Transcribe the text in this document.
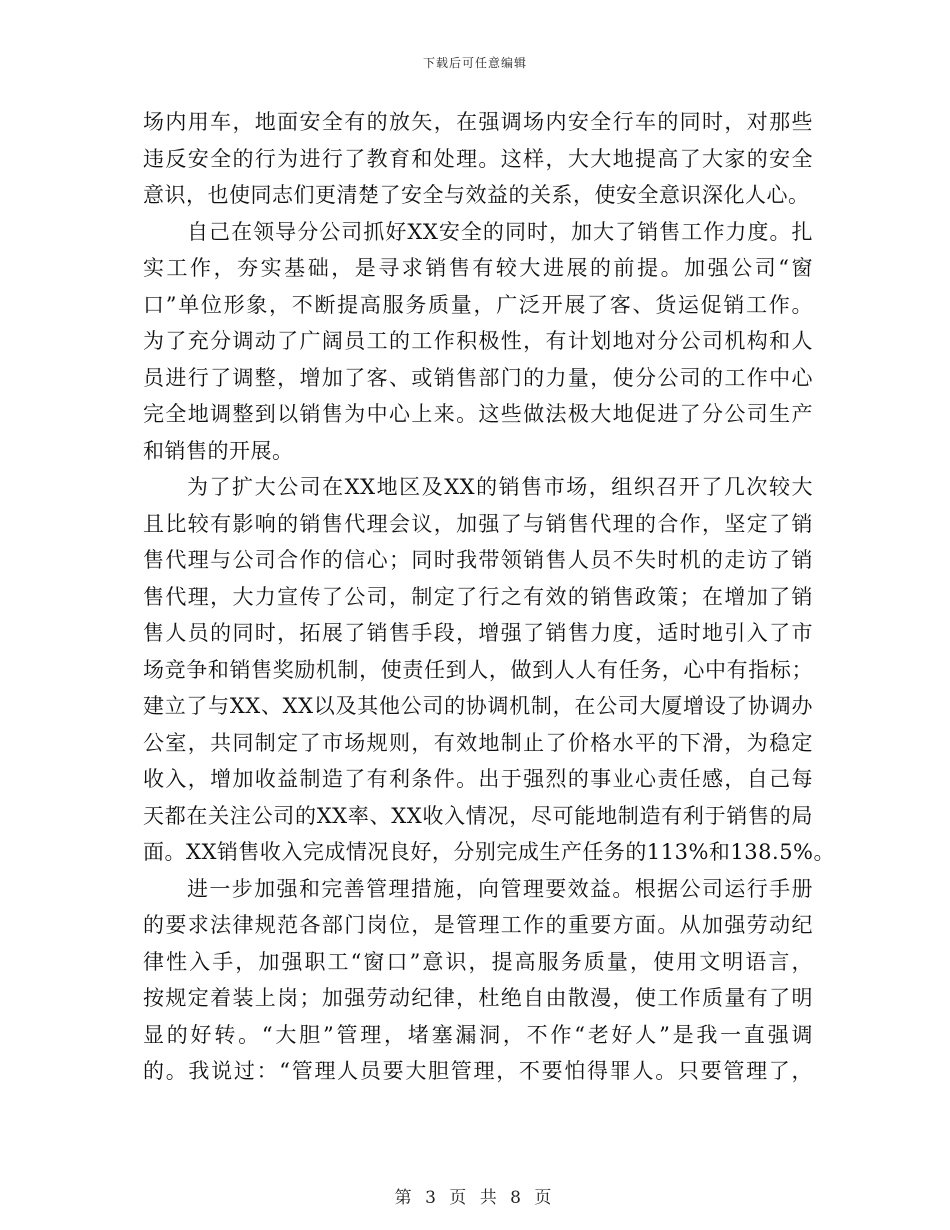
下载后可任意编辑
场内用车，地面安全有的放矢，在强调场内安全行车的同时，对那些
违反安全的行为进行了教育和处理。这样，大大地提高了大家的安全
意识，也使同志们更清楚了安全与效益的关系，使安全意识深化人心。
自己在领导分公司抓好XX安全的同时，加大了销售工作力度。扎
实工作，夯实基础，是寻求销售有较大进展的前提。加强公司“窗
口”单位形象，不断提高服务质量，广泛开展了客、货运促销工作。
为了充分调动了广阔员工的工作积极性，有计划地对分公司机构和人
员进行了调整，增加了客、或销售部门的力量，使分公司的工作中心
完全地调整到以销售为中心上来。这些做法极大地促进了分公司生产
和销售的开展。
为了扩大公司在XX地区及XX的销售市场，组织召开了几次较大
且比较有影响的销售代理会议，加强了与销售代理的合作，坚定了销
售代理与公司合作的信心；同时我带领销售人员不失时机的走访了销
售代理，大力宣传了公司，制定了行之有效的销售政策；在增加了销
售人员的同时，拓展了销售手段，增强了销售力度，适时地引入了市
场竞争和销售奖励机制，使责任到人，做到人人有任务，心中有指标；
建立了与XX、XX以及其他公司的协调机制，在公司大厦增设了协调办
公室，共同制定了市场规则，有效地制止了价格水平的下滑，为稳定
收入，增加收益制造了有利条件。出于强烈的事业心责任感，自己每
天都在关注公司的XX率、XX收入情况，尽可能地制造有利于销售的局
面。XX销售收入完成情况良好，分别完成生产任务的113%和138.5%。
进一步加强和完善管理措施，向管理要效益。根据公司运行手册
的要求法律规范各部门岗位，是管理工作的重要方面。从加强劳动纪
律性入手，加强职工“窗口”意识，提高服务质量，使用文明语言，
按规定着装上岗；加强劳动纪律，杜绝自由散漫，使工作质量有了明
显的好转。“大胆”管理，堵塞漏洞，不作“老好人”是我一直强调
的。我说过：“管理人员要大胆管理，不要怕得罪人。只要管理了，
第 3 页 共 8 页
